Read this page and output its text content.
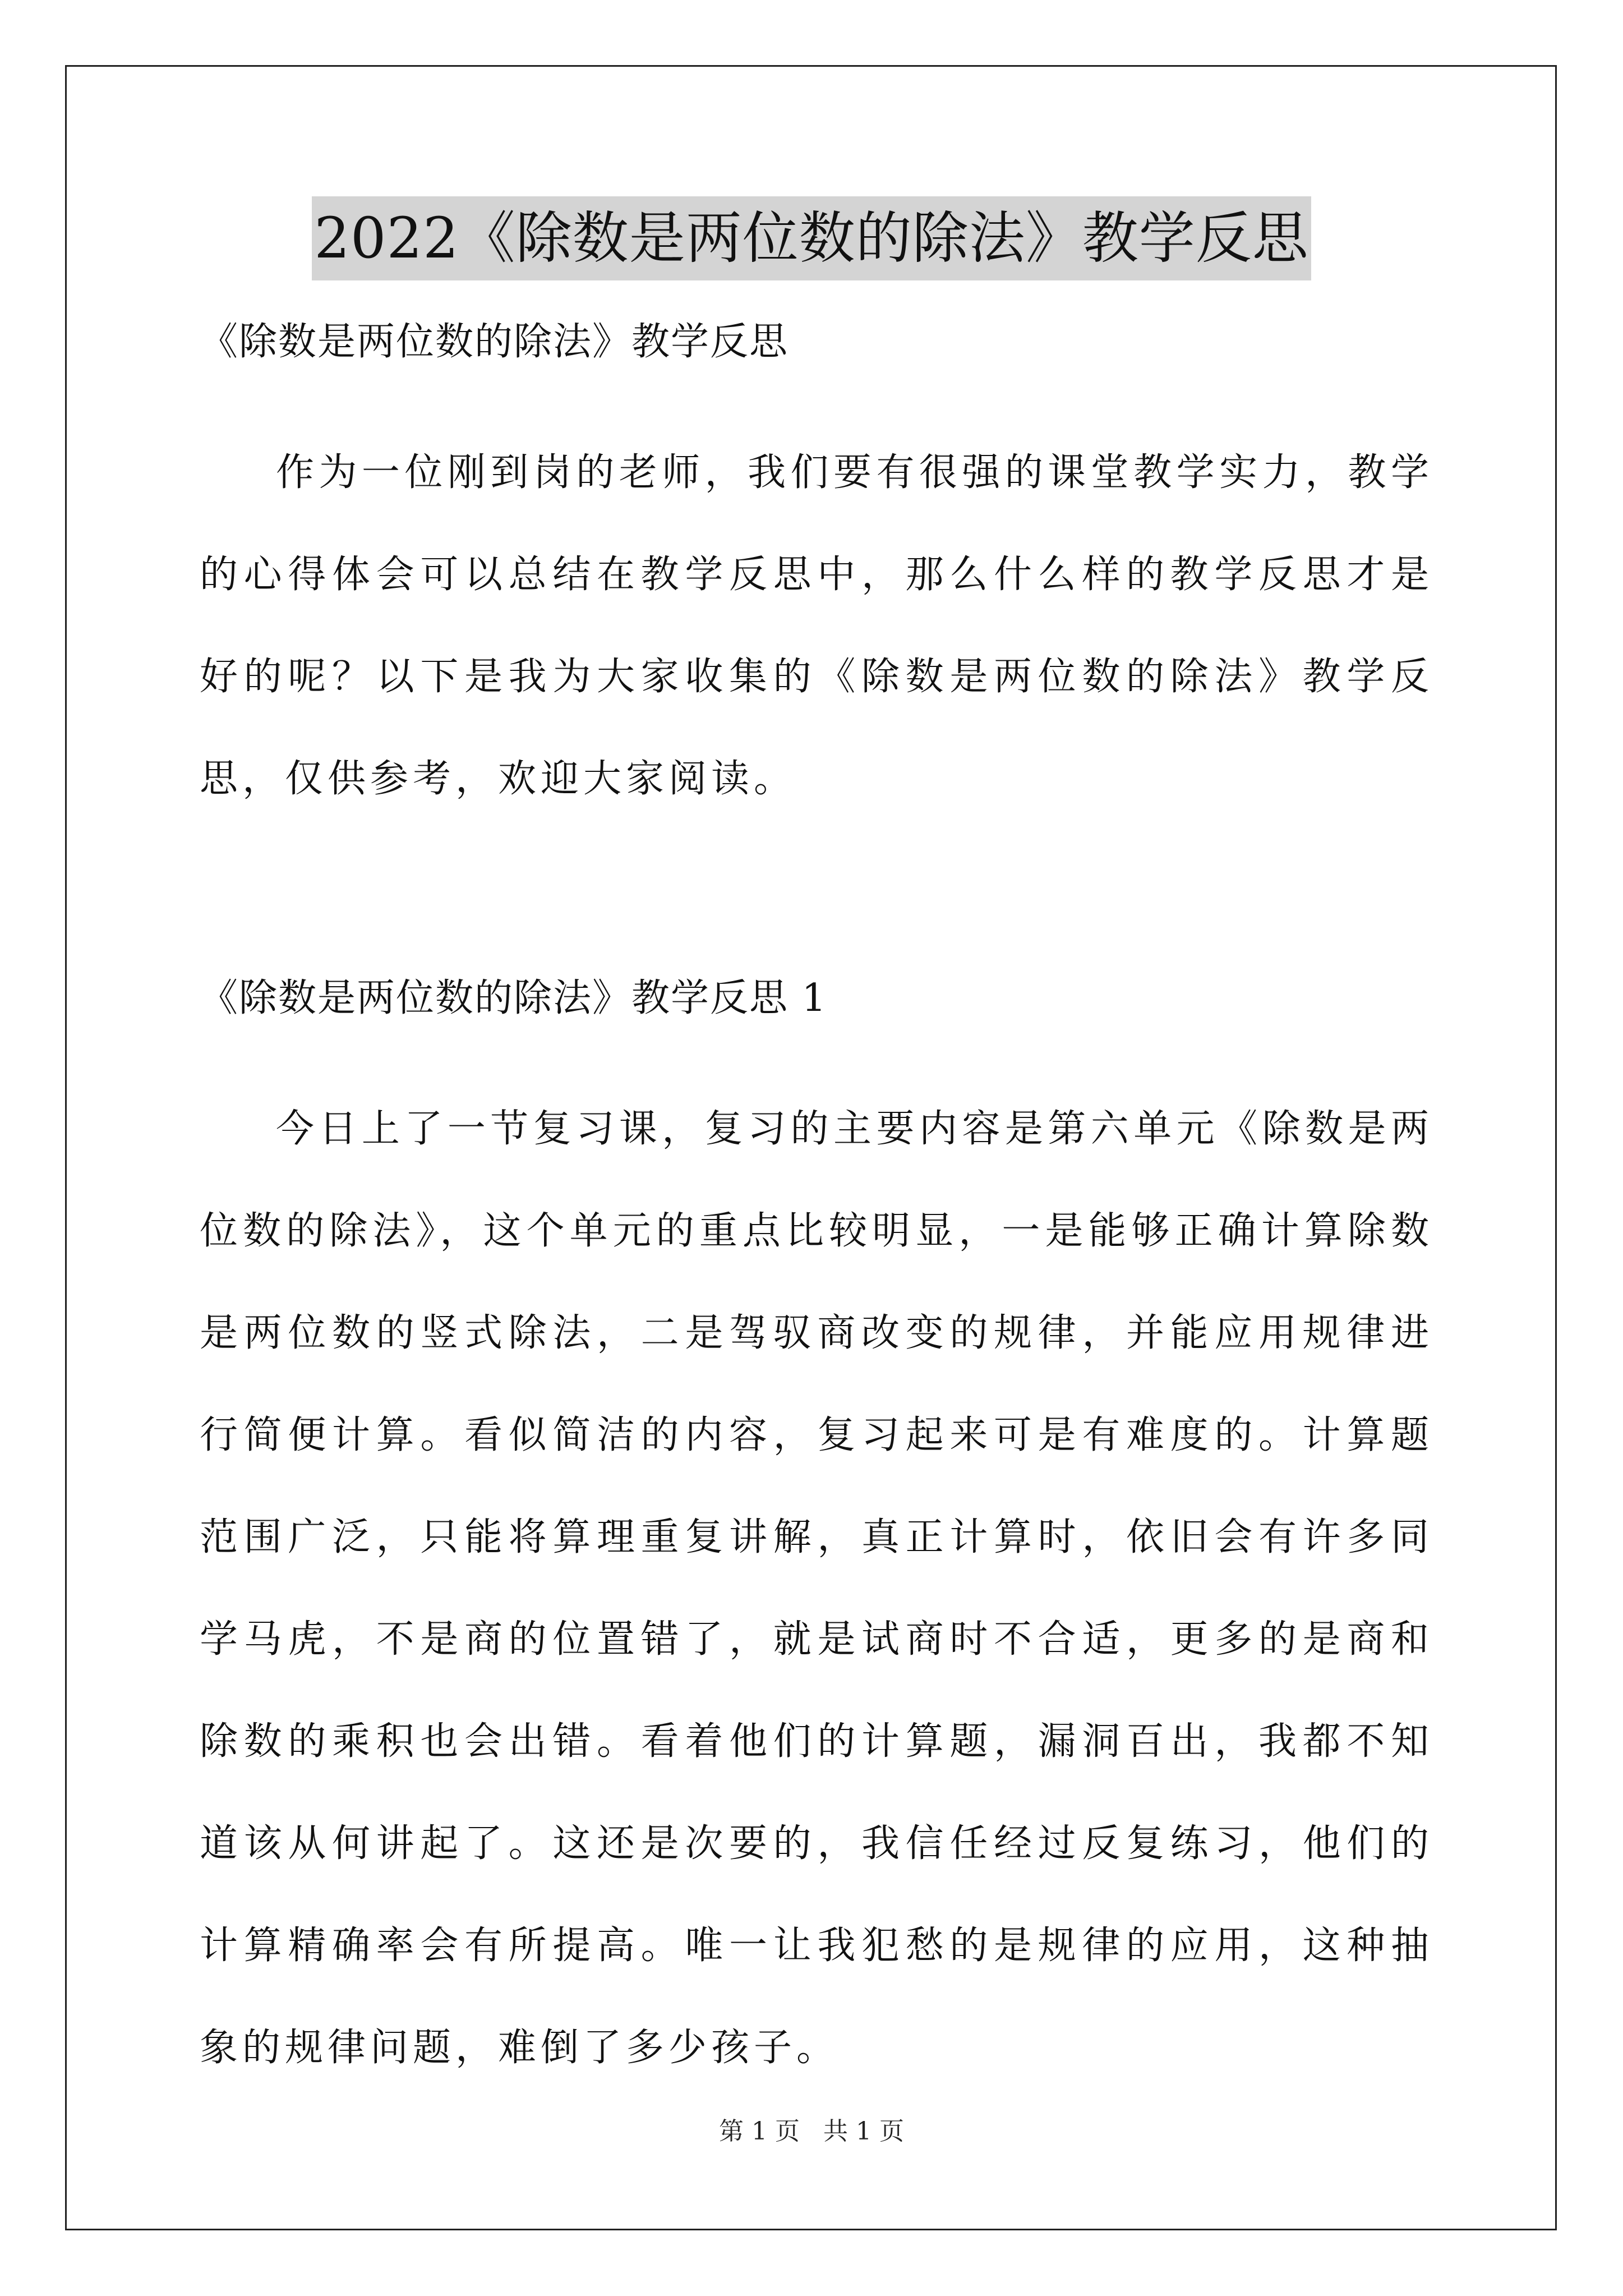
2022《除数是两位数的除法》教学反思

《除数是两位数的除法》教学反思

作为一位刚到岗的老师，我们要有很强的课堂教学实力，教学的心得体会可以总结在教学反思中，那么什么样的教学反思才是好的呢？以下是我为大家收集的《除数是两位数的除法》教学反思，仅供参考，欢迎大家阅读。

《除数是两位数的除法》教学反思 1

今日上了一节复习课，复习的主要内容是第六单元《除数是两位数的除法》，这个单元的重点比较明显，一是能够正确计算除数是两位数的竖式除法，二是驾驭商改变的规律，并能应用规律进行简便计算。看似简洁的内容，复习起来可是有难度的。计算题范围广泛，只能将算理重复讲解，真正计算时，依旧会有许多同学马虎，不是商的位置错了，就是试商时不合适，更多的是商和除数的乘积也会出错。看着他们的计算题，漏洞百出，我都不知道该从何讲起了。这还是次要的，我信任经过反复练习，他们的计算精确率会有所提高。唯一让我犯愁的是规律的应用，这种抽象的规律问题，难倒了多少孩子。

第 1 页   共 1 页
